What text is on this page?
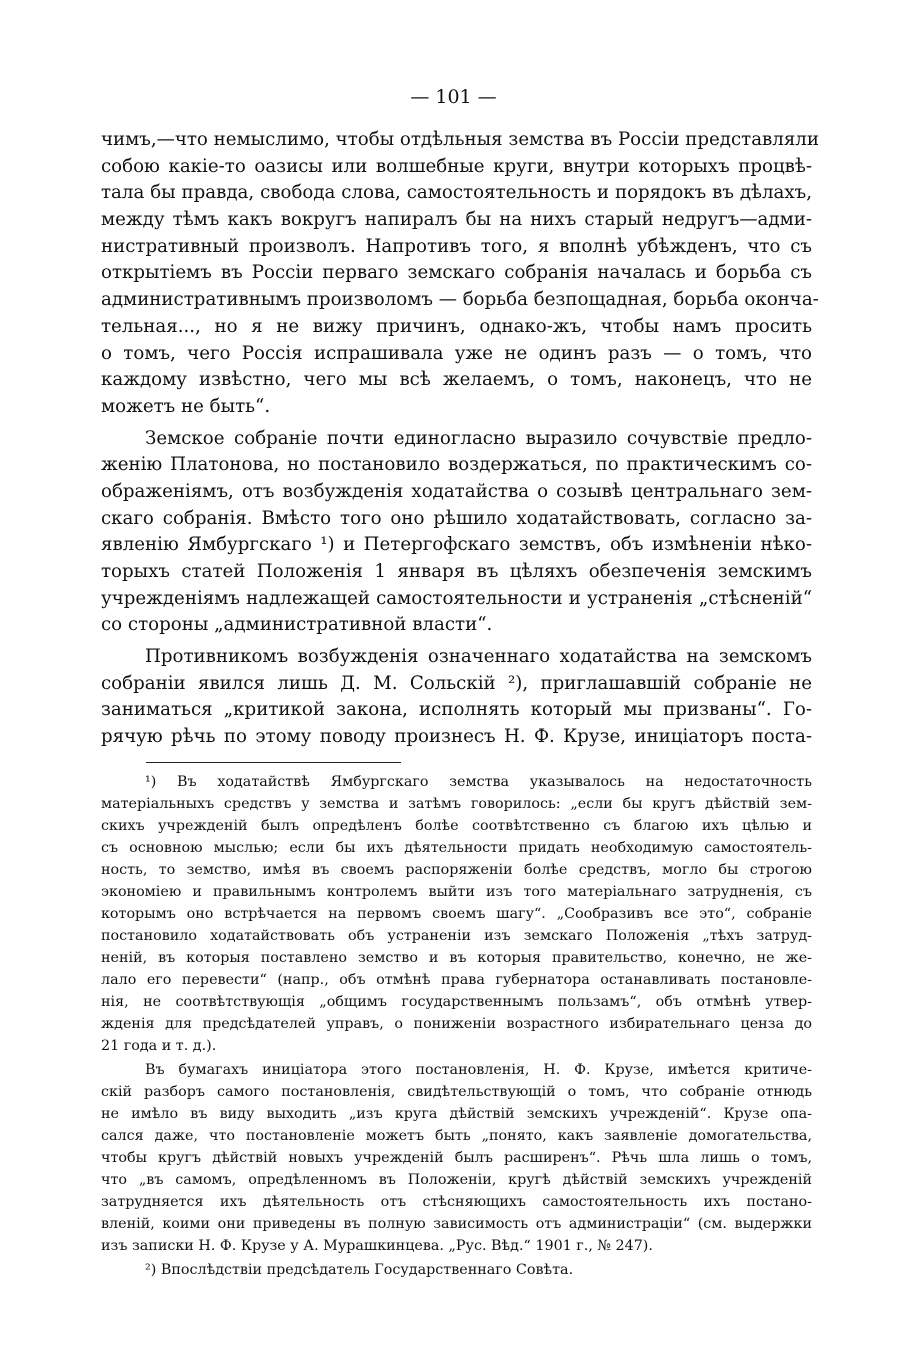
— 101 —
чимъ,—что немыслимо, чтобы отдѣльныя земства въ Россіи представляли
собою какіе-то оазисы или волшебные круги, внутри которыхъ процвѣ-
тала бы правда, свобода слова, самостоятельность и порядокъ въ дѣлахъ,
между тѣмъ какъ вокругъ напиралъ бы на нихъ старый недругъ—адми-
нистративный произволъ. Напротивъ того, я вполнѣ убѣжденъ, что съ
открытіемъ въ Россіи перваго земскаго собранія началась и борьба съ
административнымъ произволомъ — борьба безпощадная, борьба оконча-
тельная..., но я не вижу причинъ, однако-жъ, чтобы намъ просить
о томъ, чего Россія испрашивала уже не одинъ разъ — о томъ, что
каждому извѣстно, чего мы всѣ желаемъ, о томъ, наконецъ, что не
можетъ не быть“.
Земское собраніе почти единогласно выразило сочувствіе предло-
женію Платонова, но постановило воздержаться, по практическимъ со-
ображеніямъ, отъ возбужденія ходатайства о созывѣ центральнаго зем-
скаго собранія. Вмѣсто того оно рѣшило ходатайствовать, согласно за-
явленію Ямбургскаго ¹) и Петергофскаго земствъ, объ измѣненіи нѣко-
торыхъ статей Положенія 1 января въ цѣляхъ обезпеченія земскимъ
учрежденіямъ надлежащей самостоятельности и устраненія „стѣсненій“
со стороны „административной власти“.
Противникомъ возбужденія означеннаго ходатайства на земскомъ
собраніи явился лишь Д. М. Сольскій ²), приглашавшій собраніе не
заниматься „критикой закона, исполнять который мы призваны“. Го-
рячую рѣчь по этому поводу произнесъ Н. Ф. Крузе, иниціаторъ поста-
¹) Въ ходатайствѣ Ямбургскаго земства указывалось на недостаточность
матеріальныхъ средствъ у земства и затѣмъ говорилось: „если бы кругъ дѣйствій зем-
скихъ учрежденій былъ опредѣленъ болѣе соотвѣтственно съ благою ихъ цѣлью и
съ основною мыслью; если бы ихъ дѣятельности придать необходимую самостоятель-
ность, то земство, имѣя въ своемъ распоряженіи болѣе средствъ, могло бы строгою
экономіею и правильнымъ контролемъ выйти изъ того матеріальнаго затрудненія, съ
которымъ оно встрѣчается на первомъ своемъ шагу“. „Сообразивъ все это“, собраніе
постановило ходатайствовать объ устраненіи изъ земскаго Положенія „тѣхъ затруд-
неній, въ которыя поставлено земство и въ которыя правительство, конечно, не же-
лало его перевести“ (напр., объ отмѣнѣ права губернатора останавливать постановле-
нія, не соотвѣтствующія „общимъ государственнымъ пользамъ“, объ отмѣнѣ утвер-
жденія для предсѣдателей управъ, о пониженіи возрастного избирательнаго ценза до
21 года и т. д.).
Въ бумагахъ иниціатора этого постановленія, Н. Ф. Крузе, имѣется критиче-
скій разборъ самого постановленія, свидѣтельствующій о томъ, что собраніе отнюдь
не имѣло въ виду выходить „изъ круга дѣйствій земскихъ учрежденій“. Крузе опа-
сался даже, что постановленіе можетъ быть „понято, какъ заявленіе домогательства,
чтобы кругъ дѣйствій новыхъ учрежденій былъ расширенъ“. Рѣчь шла лишь о томъ,
что „въ самомъ, опредѣленномъ въ Положеніи, кругѣ дѣйствій земскихъ учрежденій
затрудняется ихъ дѣятельность отъ стѣсняющихъ самостоятельность ихъ постано-
вленій, коими они приведены въ полную зависимость отъ администраціи“ (см. выдержки
изъ записки Н. Ф. Крузе у А. Мурашкинцева. „Рус. Вѣд.“ 1901 г., № 247).
²) Впослѣдствіи предсѣдатель Государственнаго Совѣта.
